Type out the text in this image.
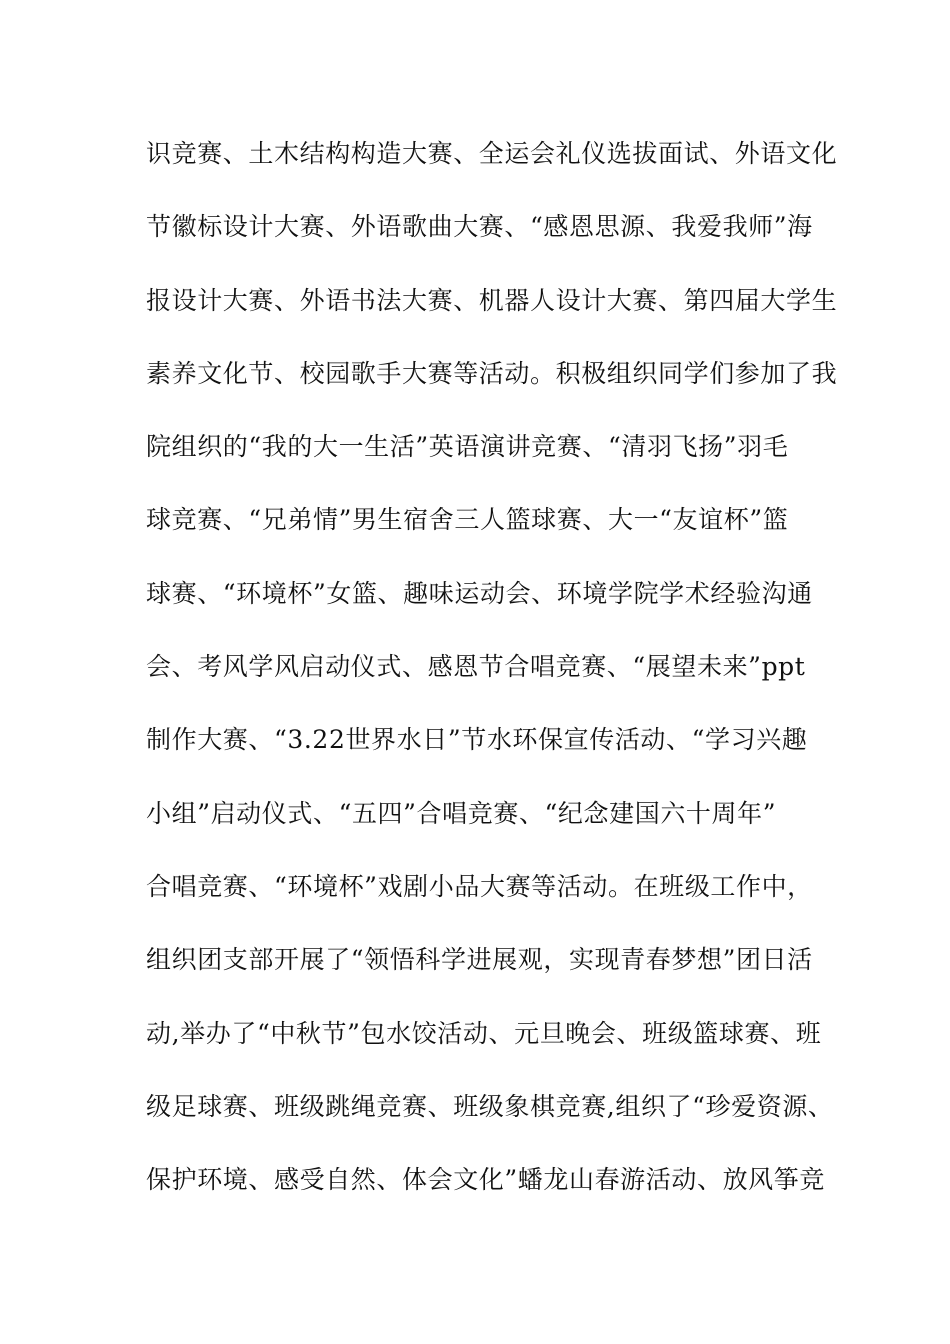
识竞赛、土木结构构造大赛、全运会礼仪选拔面试、外语文化
节徽标设计大赛、外语歌曲大赛、“感恩思源、我爱我师”海
报设计大赛、外语书法大赛、机器人设计大赛、第四届大学生
素养文化节、校园歌手大赛等活动。积极组织同学们参加了我
院组织的“我的大一生活”英语演讲竞赛、“清羽飞扬”羽毛
球竞赛、“兄弟情”男生宿舍三人篮球赛、大一“友谊杯”篮
球赛、“环境杯”女篮、趣味运动会、环境学院学术经验沟通
会、考风学风启动仪式、感恩节合唱竞赛、“展望未来”ppt
制作大赛、“3.22世界水日”节水环保宣传活动、“学习兴趣
小组”启动仪式、“五四”合唱竞赛、“纪念建国六十周年”
合唱竞赛、“环境杯”戏剧小品大赛等活动。在班级工作中，
组织团支部开展了“领悟科学进展观，实现青春梦想”团日活
动,举办了“中秋节”包水饺活动、元旦晚会、班级篮球赛、班
级足球赛、班级跳绳竞赛、班级象棋竞赛,组织了“珍爱资源、
保护环境、感受自然、体会文化”蟠龙山春游活动、放风筝竞
